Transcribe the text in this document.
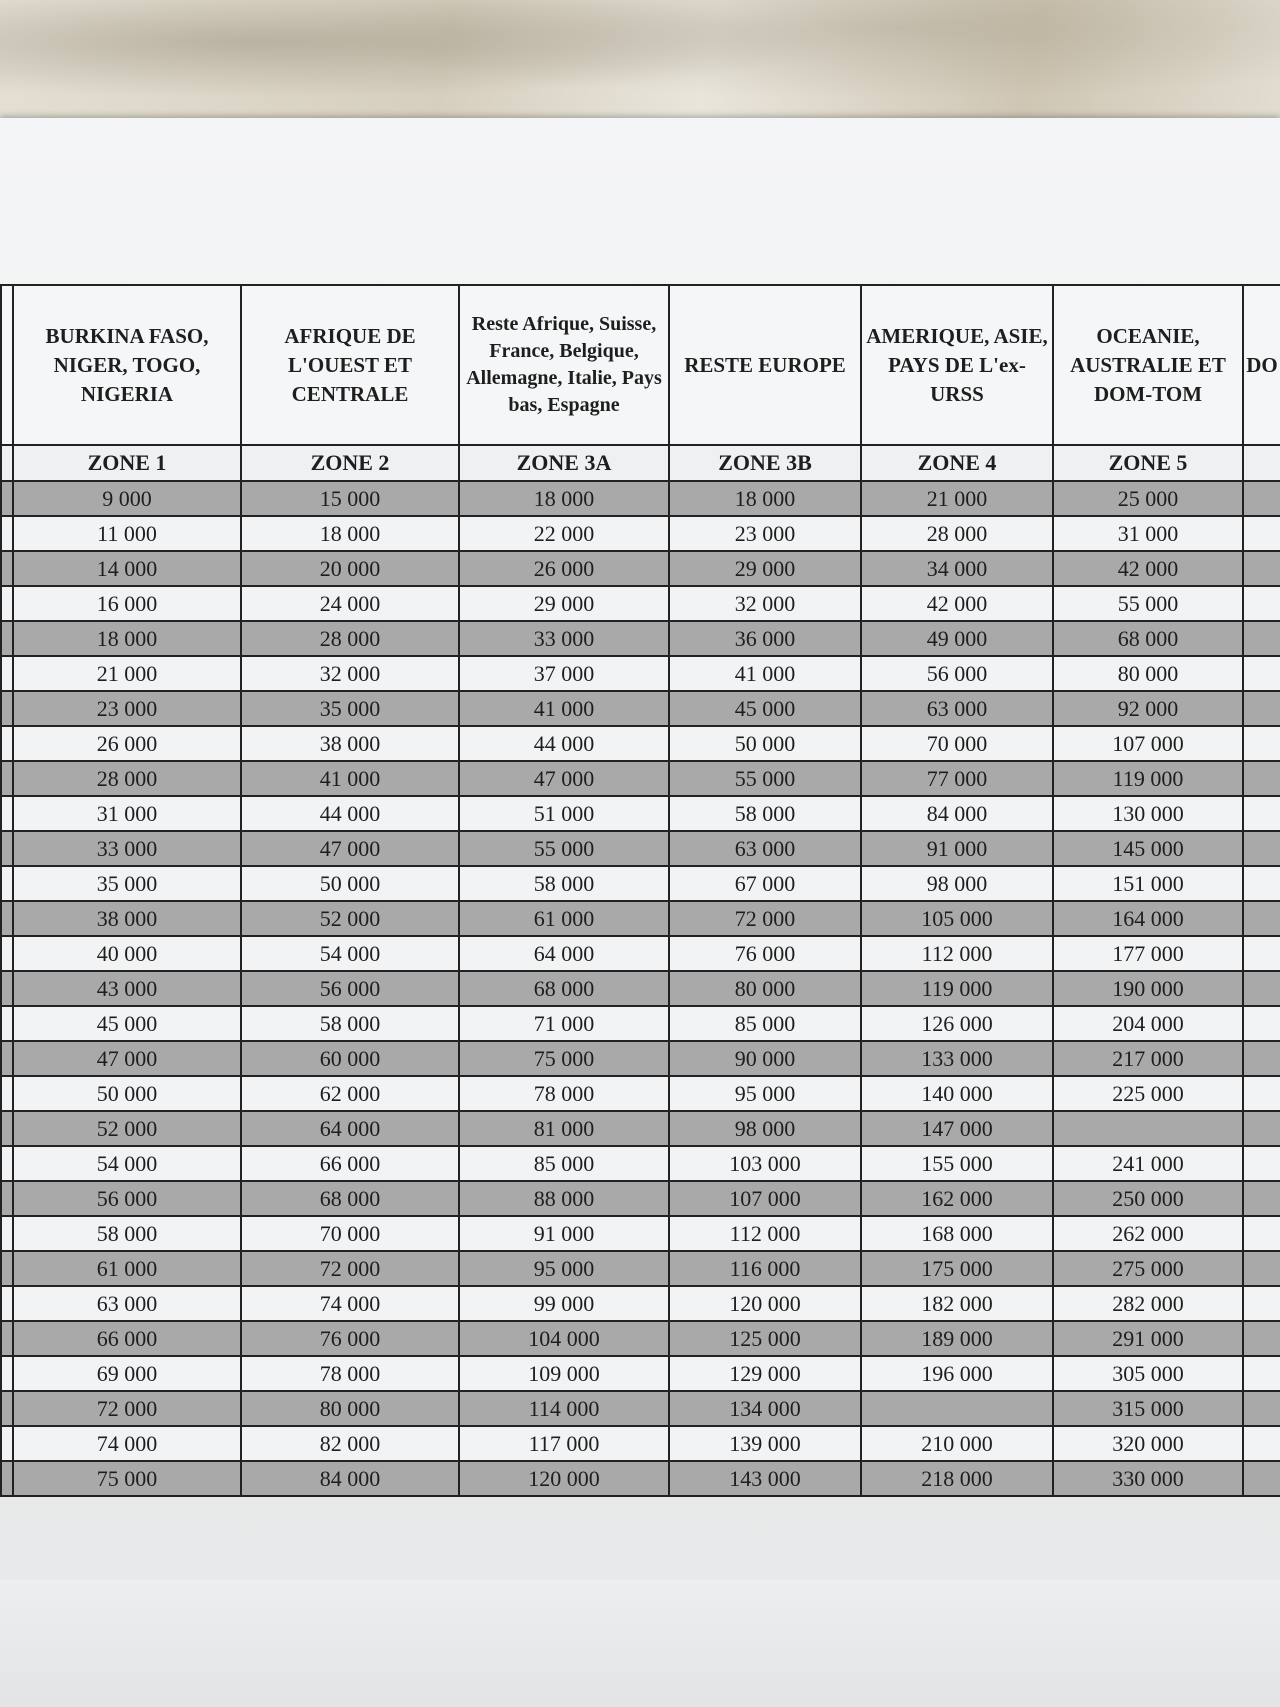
	BURKINA FASO, NIGER, TOGO, NIGERIA	AFRIQUE DE L'OUEST ET CENTRALE	Reste Afrique, Suisse, France, Belgique, Allemagne, Italie, Pays bas, Espagne	RESTE EUROPE	AMERIQUE, ASIE, PAYS DE L'ex-URSS	OCEANIE, AUSTRALIE ET DOM-TOM	DO
	ZONE 1	ZONE 2	ZONE 3A	ZONE 3B	ZONE 4	ZONE 5	
	9 000	15 000	18 000	18 000	21 000	25 000	
	11 000	18 000	22 000	23 000	28 000	31 000	
	14 000	20 000	26 000	29 000	34 000	42 000	
	16 000	24 000	29 000	32 000	42 000	55 000	
	18 000	28 000	33 000	36 000	49 000	68 000	
	21 000	32 000	37 000	41 000	56 000	80 000	
	23 000	35 000	41 000	45 000	63 000	92 000	
	26 000	38 000	44 000	50 000	70 000	107 000	
	28 000	41 000	47 000	55 000	77 000	119 000	
	31 000	44 000	51 000	58 000	84 000	130 000	
	33 000	47 000	55 000	63 000	91 000	145 000	
	35 000	50 000	58 000	67 000	98 000	151 000	
	38 000	52 000	61 000	72 000	105 000	164 000	
	40 000	54 000	64 000	76 000	112 000	177 000	
	43 000	56 000	68 000	80 000	119 000	190 000	
	45 000	58 000	71 000	85 000	126 000	204 000	
	47 000	60 000	75 000	90 000	133 000	217 000	
	50 000	62 000	78 000	95 000	140 000	225 000	
	52 000	64 000	81 000	98 000	147 000		
	54 000	66 000	85 000	103 000	155 000	241 000	
	56 000	68 000	88 000	107 000	162 000	250 000	
	58 000	70 000	91 000	112 000	168 000	262 000	
	61 000	72 000	95 000	116 000	175 000	275 000	
	63 000	74 000	99 000	120 000	182 000	282 000	
	66 000	76 000	104 000	125 000	189 000	291 000	
	69 000	78 000	109 000	129 000	196 000	305 000	
	72 000	80 000	114 000	134 000		315 000	
	74 000	82 000	117 000	139 000	210 000	320 000	
	75 000	84 000	120 000	143 000	218 000	330 000	
